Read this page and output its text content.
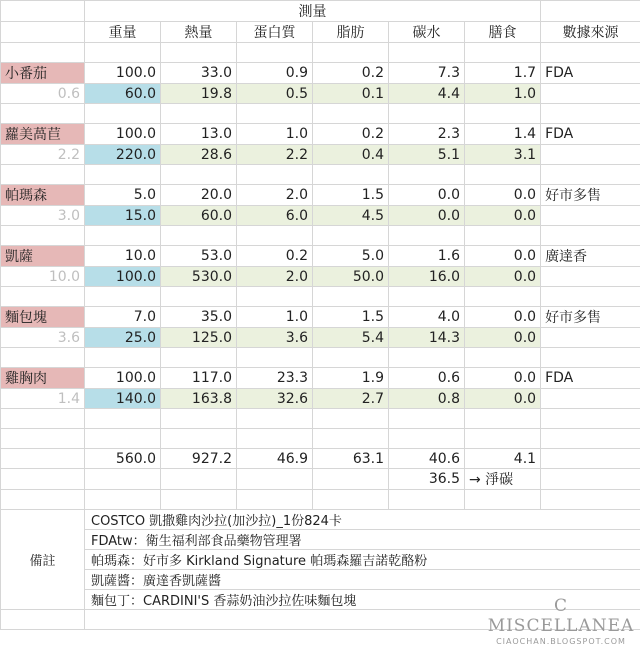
	測量						
	重量	熱量	蛋白質	脂肪	碳水	膳食	數據來源

小番茄	100.0	33.0	0.9	0.2	7.3	1.7	FDA
0.6	60.0	19.8	0.5	0.1	4.4	1.0	

蘿美萵苣	100.0	13.0	1.0	0.2	2.3	1.4	FDA
2.2	220.0	28.6	2.2	0.4	5.1	3.1	

帕瑪森	5.0	20.0	2.0	1.5	0.0	0.0	好市多售
3.0	15.0	60.0	6.0	4.5	0.0	0.0	

凱薩	10.0	53.0	0.2	5.0	1.6	0.0	廣達香
10.0	100.0	530.0	2.0	50.0	16.0	0.0	

麵包塊	7.0	35.0	1.0	1.5	4.0	0.0	好市多售
3.6	25.0	125.0	3.6	5.4	14.3	0.0	

雞胸肉	100.0	117.0	23.3	1.9	0.6	0.0	FDA
1.4	140.0	163.8	32.6	2.7	0.8	0.0	

	560.0	927.2	46.9	63.1	40.6	4.1	
					36.5	→ 淨碳	

備註	COSTCO 凱撒雞肉沙拉(加沙拉)_1份824卡						
	FDAtw：衛生福利部食品藥物管理署						
	帕瑪森：好市多 Kirkland Signature 帕瑪森羅吉諾乾酪粉						
	凱薩醬：廣達香凱薩醬						
	麵包丁：CARDINI'S 香蒜奶油沙拉佐味麵包塊						
		C MISCELLANEA
CIAOCHAN.BLOGSPOT.COM
